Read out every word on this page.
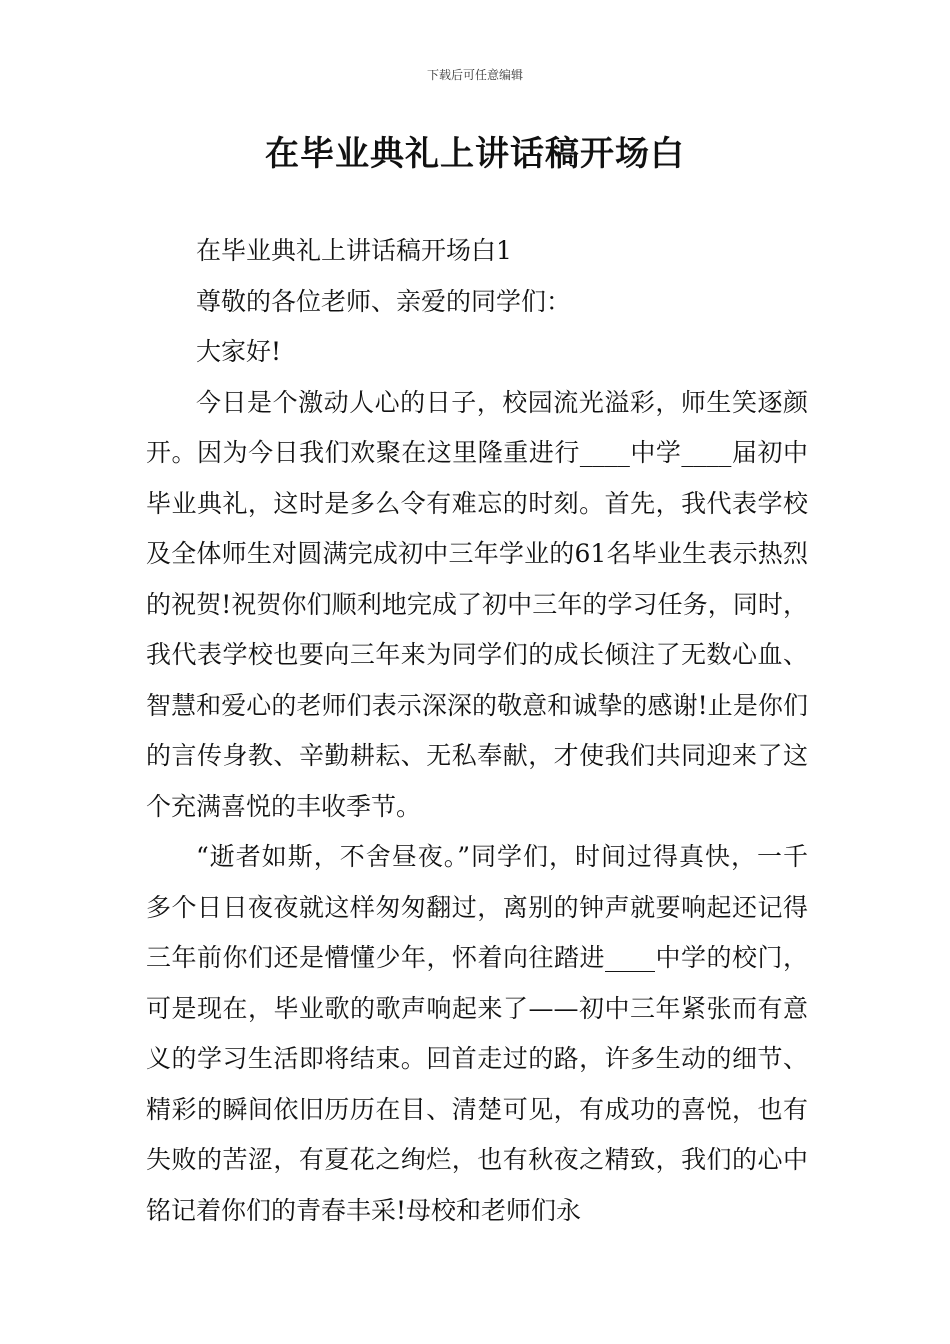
下载后可任意编辑
在毕业典礼上讲话稿开场白

在毕业典礼上讲话稿开场白1

尊敬的各位老师、亲爱的同学们：

大家好!

今日是个激动人心的日子，校园流光溢彩，师生笑逐颜开。因为今日我们欢聚在这里隆重进行____中学____届初中毕业典礼，这时是多么令有难忘的时刻。首先，我代表学校及全体师生对圆满完成初中三年学业的61名毕业生表示热烈的祝贺!祝贺你们顺利地完成了初中三年的学习任务，同时，我代表学校也要向三年来为同学们的成长倾注了无数心血、智慧和爱心的老师们表示深深的敬意和诚挚的感谢!止是你们的言传身教、辛勤耕耘、无私奉献，才使我们共同迎来了这个充满喜悦的丰收季节。

“逝者如斯，不舍昼夜。”同学们，时间过得真快，一千多个日日夜夜就这样匆匆翻过，离别的钟声就要响起还记得三年前你们还是懵懂少年，怀着向往踏进____中学的校门，可是现在，毕业歌的歌声响起来了——初中三年紧张而有意义的学习生活即将结束。回首走过的路，许多生动的细节、精彩的瞬间依旧历历在目、清楚可见，有成功的喜悦，也有失败的苦涩，有夏花之绚烂，也有秋夜之精致，我们的心中铭记着你们的青春丰采!母校和老师们永
